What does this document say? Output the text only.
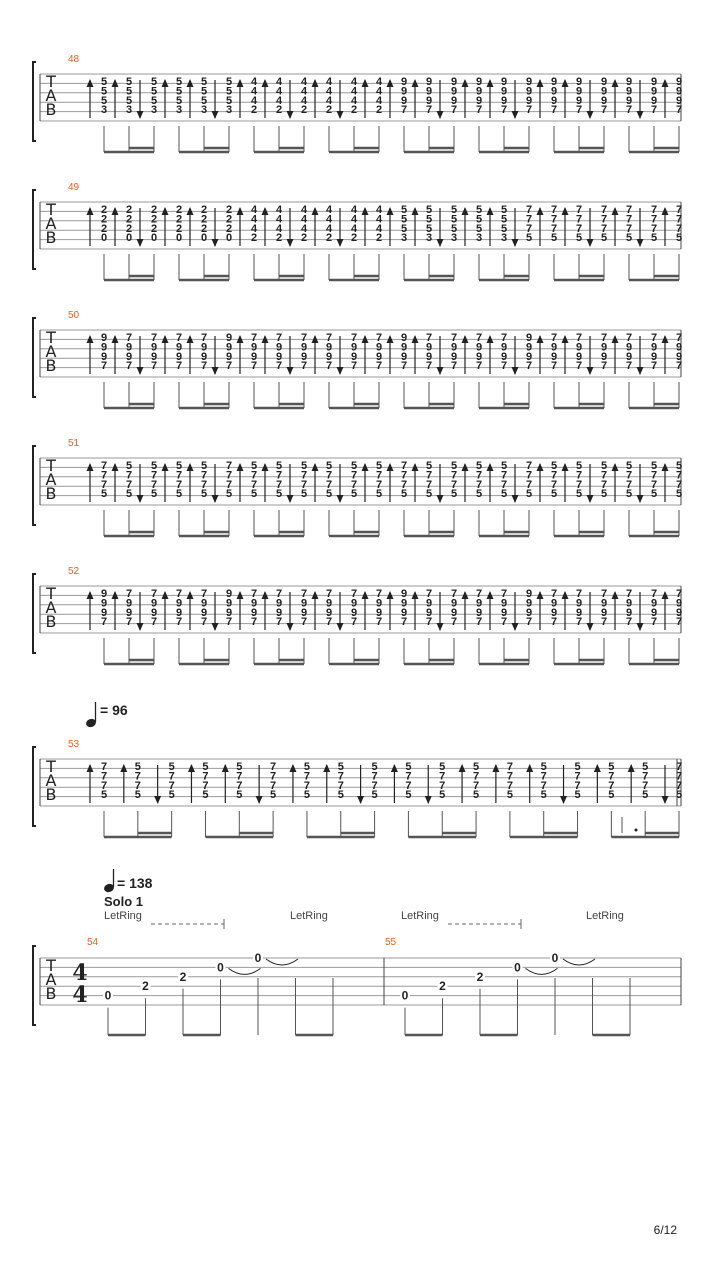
T
A
B
48
5
5
5
3
5
5
5
3
5
5
5
3
5
5
5
3
5
5
5
3
5
5
5
3
4
4
4
2
4
4
4
2
4
4
4
2
4
4
4
2
4
4
4
2
4
4
4
2
9
9
9
7
9
9
9
7
9
9
9
7
9
9
9
7
9
9
9
7
9
9
9
7
9
9
9
7
9
9
9
7
9
9
9
7
9
9
9
7
9
9
9
7
9
9
9
7
T
A
B
49
2
2
2
0
2
2
2
0
2
2
2
0
2
2
2
0
2
2
2
0
2
2
2
0
4
4
4
2
4
4
4
2
4
4
4
2
4
4
4
2
4
4
4
2
4
4
4
2
5
5
5
3
5
5
5
3
5
5
5
3
5
5
5
3
5
5
5
3
7
7
7
5
7
7
7
5
7
7
7
5
7
7
7
5
7
7
7
5
7
7
7
5
7
7
7
5
T
A
B
50
9
9
9
7
7
9
9
7
7
9
9
7
7
9
9
7
7
9
9
7
9
9
9
7
7
9
9
7
7
9
9
7
7
9
9
7
7
9
9
7
7
9
9
7
7
9
9
7
9
9
9
7
7
9
9
7
7
9
9
7
7
9
9
7
7
9
9
7
9
9
9
7
7
9
9
7
7
9
9
7
7
9
9
7
7
9
9
7
7
9
9
7
7
9
9
7
T
A
B
51
7
7
7
5
5
7
7
5
5
7
7
5
5
7
7
5
5
7
7
5
7
7
7
5
5
7
7
5
5
7
7
5
5
7
7
5
5
7
7
5
5
7
7
5
5
7
7
5
7
7
7
5
5
7
7
5
5
7
7
5
5
7
7
5
5
7
7
5
7
7
7
5
5
7
7
5
5
7
7
5
5
7
7
5
5
7
7
5
5
7
7
5
5
7
7
5
T
A
B
52
9
9
9
7
7
9
9
7
7
9
9
7
7
9
9
7
7
9
9
7
9
9
9
7
7
9
9
7
7
9
9
7
7
9
9
7
7
9
9
7
7
9
9
7
7
9
9
7
9
9
9
7
7
9
9
7
7
9
9
7
7
9
9
7
7
9
9
7
9
9
9
7
7
9
9
7
7
9
9
7
7
9
9
7
7
9
9
7
7
9
9
7
7
9
9
7
T
A
B
53
7
7
7
5
5
7
7
5
5
7
7
5
5
7
7
5
5
7
7
5
7
7
7
5
5
7
7
5
5
7
7
5
5
7
7
5
5
7
7
5
5
7
7
5
5
7
7
5
7
7
7
5
5
7
7
5
5
7
7
5
5
7
7
5
5
7
7
5
7
7
7
5
= 96
T
A
B
4
4
= 138
Solo 1
LetRing	LetRing	LetRing	LetRing
54
0
2
2
0
0
55
0
2
2
0
0
6/12
